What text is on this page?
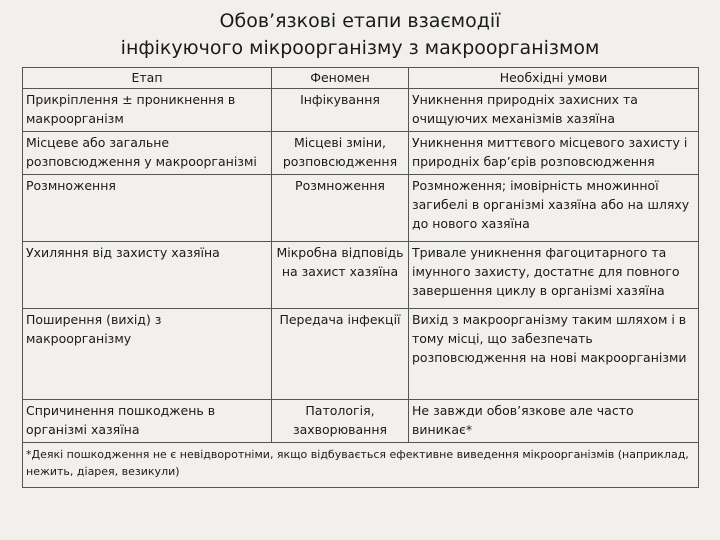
Обов’язкові етапи взаємодії
інфікуючого мікроорганізму з макроорганізмом
Етап	Феномен	Необхідні умови
Прикріплення ± проникнення в макроорганізм	Інфікування	Уникнення природніх захисних та очищуючих механізмів хазяїна
Місцеве або загальне розповсюдження у макроорганізмі	Місцеві зміни, розповсюдження	Уникнення миттєвого місцевого захисту і природніх бар’єрів розповсюдження
Розмноження	Розмноження	Розмноження; імовірність множинної загибелі в організмі хазяїна або на шляху до нового хазяїна
Ухиляння від захисту хазяїна	Мікробна відповідь на захист хазяїна	Тривале уникнення фагоцитарного та імунного захисту, достатнє для повного завершення циклу в організмі хазяїна
Поширення (вихід) з макроорганізму	Передача інфекції	Вихід з макроорганізму таким шляхом і в тому місці, що забезпечать розповсюдження на нові макроорганізми
Спричинення пошкоджень в організмі хазяїна	Патологія, захворювання	Не завжди обов’язкове але часто виникає*
*Деякі пошкодження не є невідворотніми, якщо відбувається ефективне виведення мікроорганізмів (наприклад, нежить, діарея, везикули)		
